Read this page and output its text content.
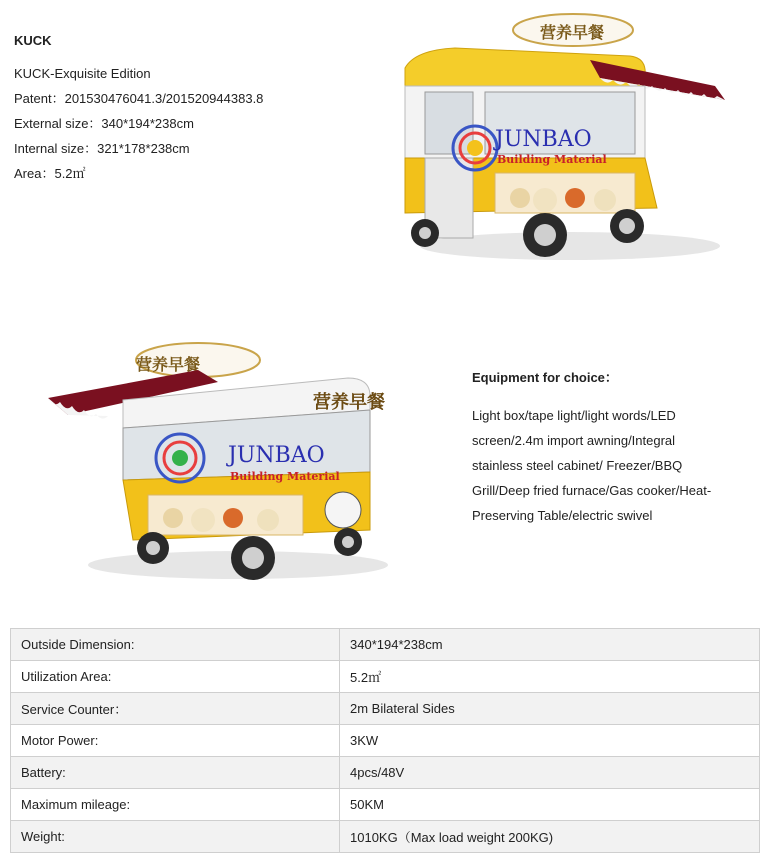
KUCK
KUCK-Exquisite Edition
Patent：201530476041.3/201520944383.8
External size：340*194*238cm
Internal size：321*178*238cm
Area：5.2㎡
营养早餐
JUNBAO
Building Material
营养早餐
营养早餐
JUNBAO
Building Material
Equipment for choice：
Light box/tape light/light words/LED
screen/2.4m import awning/Integral
stainless steel cabinet/ Freezer/BBQ
Grill/Deep fried furnace/Gas cooker/Heat-
Preserving Table/electric swivel
Outside Dimension:	340*194*238cm
Utilization Area:	5.2㎡
Service Counter：	2m Bilateral Sides
Motor Power:	3KW
Battery:	4pcs/48V
Maximum mileage:	50KM
Weight:	1010KG（Max load weight 200KG)
